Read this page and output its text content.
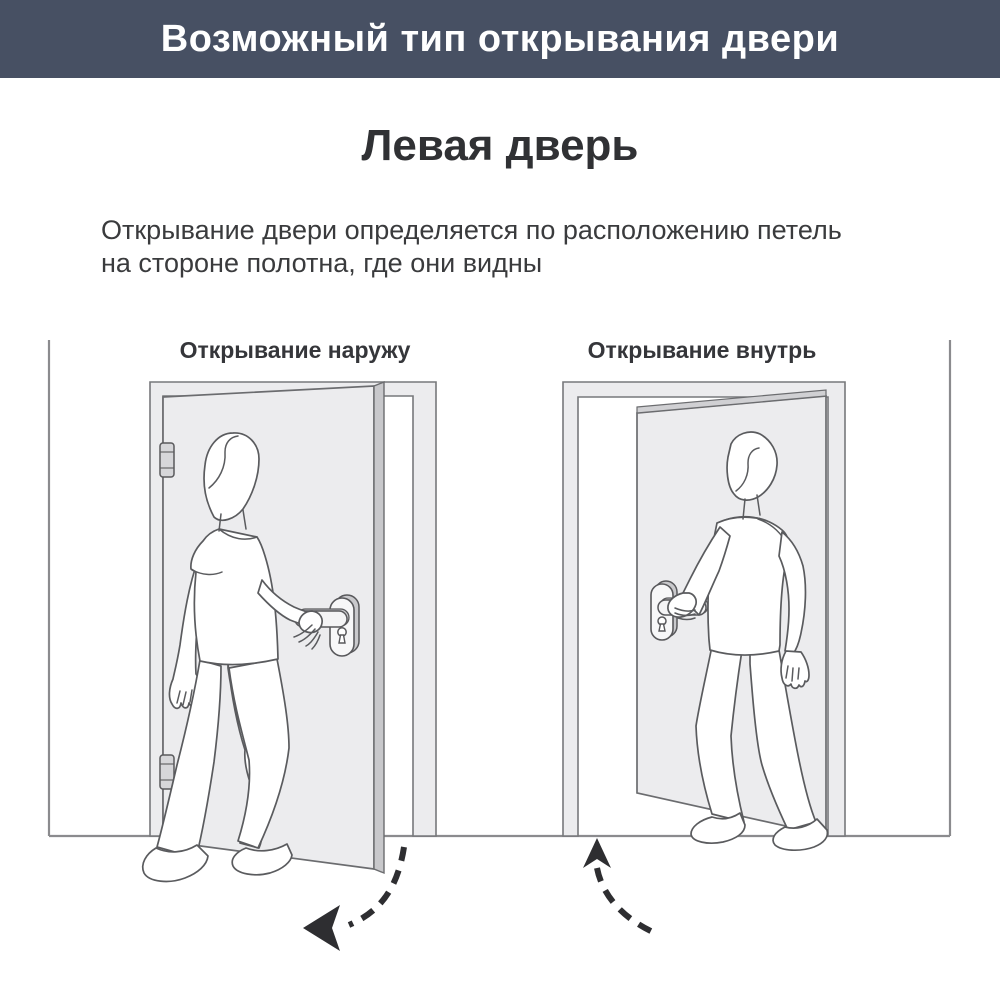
Возможный тип открывания двери
Левая дверь
Открывание двери определяется по расположению петель
на стороне полотна, где они видны
Открывание наружу	Открывание внутрь
